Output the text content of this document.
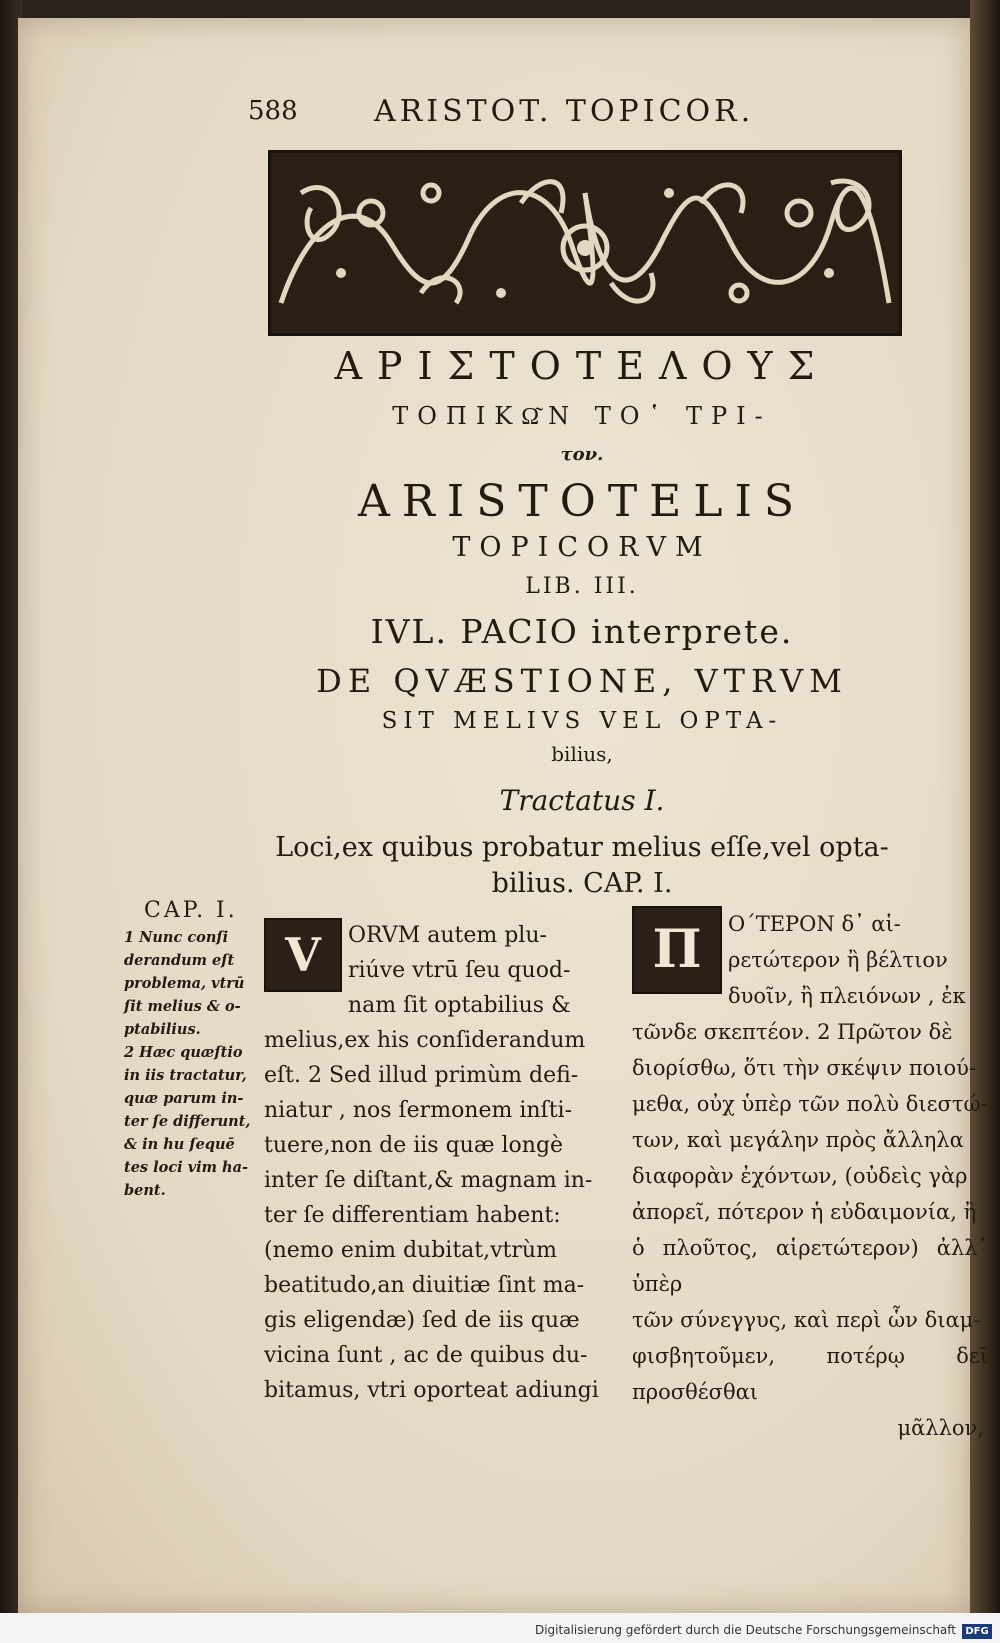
588	ARISTOT. TOPICOR.
ΑΡΙΣΤΟΤΕΛΟΥΣ
ΤΟΠΙΚΩ͂Ν ΤΟ῾ ΤΡΙ-
τον.
ARISTOTELIS
TOPICORVM
LIB. III.
IVL. PACIO interprete.
DE QVÆSTIONE, VTRVM
SIT MELIVS VEL OPTA-
bilius,
Tractatus I.
Loci,ex quibus probatur melius eſſe,vel opta-
bilius. CAP. I.
CAP. I.

1 Nunc conſi

derandum eſt

problema, vtrū

ſit melius & o-

ptabilius.

2 Hæc quæſtio

in iis tractatur,

quæ parum in-

ter ſe differunt,

& in hu ſequē

tes loci vim ha-

bent.

V	ORVM autem plu-
riúve vtrū ſeu quod-
nam ſit optabilius &
melius,ex his conſiderandum
eſt. 2 Sed illud primùm defi-
niatur , nos ſermonem inſti-
tuere,non de iis quæ longè
inter ſe diſtant,& magnam in-
ter ſe differentiam habent:
(nemo enim dubitat,vtrùm
beatitudo,an diuitiæ ſint ma-
gis eligendæ) ſed de iis quæ
vicina ſunt , ac de quibus du-
bitamus, vtri oporteat adiungi
Π	Ο΄ΤΕΡΟΝ δ᾽ αἱ-
ρετώτερον ἢ βέλτιον
δυοῖν, ἢ πλειόνων , ἐκ
τῶνδε σκεπτέον. 2 Πρῶτον δὲ
διορίσθω, ὅτι τὴν σκέψιν ποιού-
μεθα, οὐχ ὑπὲρ τῶν πολὺ διεστώ-
των, καὶ μεγάλην πρὸς ἄλληλα
διαφορὰν ἐχόντων, (οὐδεὶς γὰρ
ἀπορεῖ, πότερον ἡ εὐδαιμονία, ἢ
ὁ πλοῦτος, αἱρετώτερον) ἀλλ᾽ ὑπὲρ
τῶν σύνεγγυς, καὶ περὶ ὧν διαμ-
φισβητοῦμεν, ποτέρῳ δεῖ προσθέσθαι
μᾶλλον,
Digitalisierung gefördert durch die Deutsche Forschungsgemeinschaft DFG
